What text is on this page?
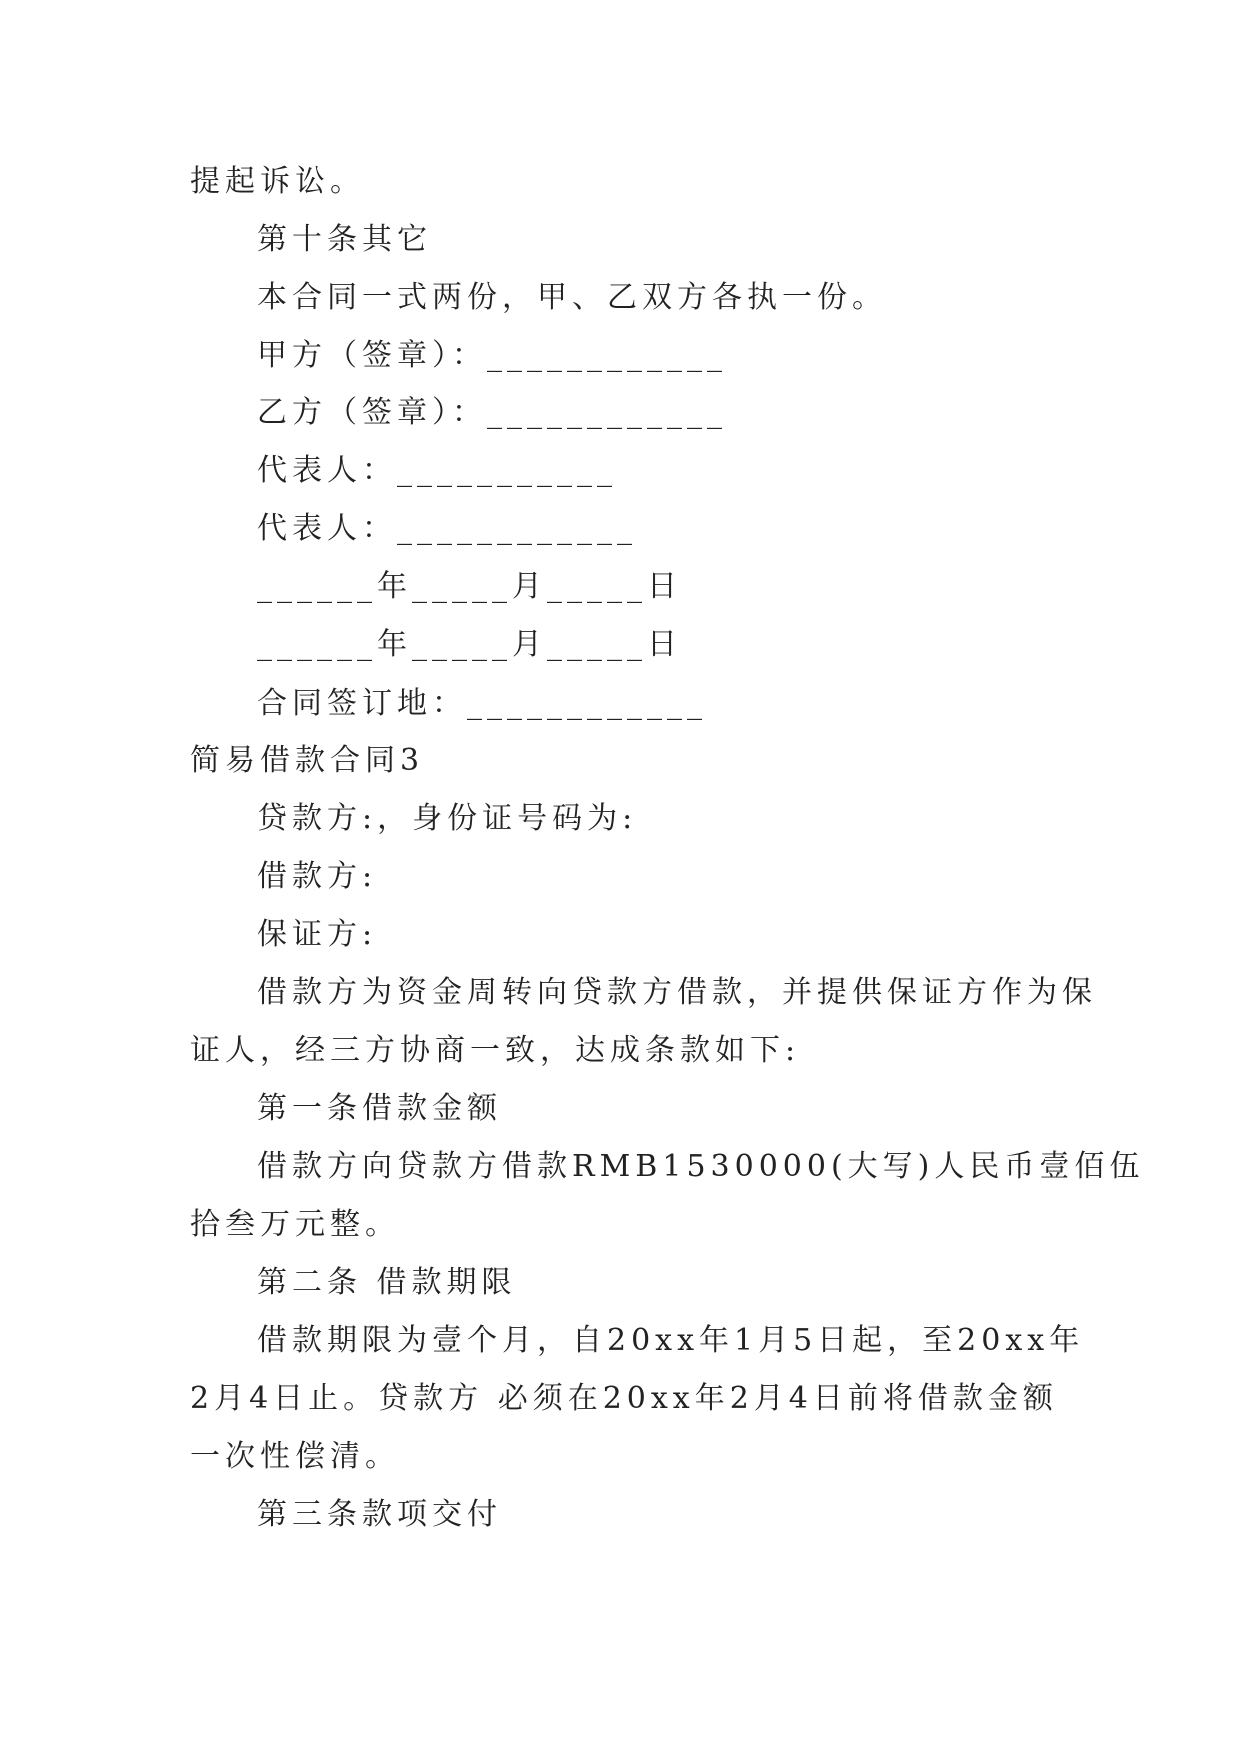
提起诉讼。
第十条其它
本合同一式两份，甲、乙双方各执一份。
甲方（签章）：____________
乙方（签章）：____________
代表人：___________
代表人：____________
______年_____月_____日
______年_____月_____日
合同签订地：____________
简易借款合同3
贷款方:，身份证号码为:
借款方:
保证方:
借款方为资金周转向贷款方借款，并提供保证方作为保
证人，经三方协商一致，达成条款如下:
第一条借款金额
借款方向贷款方借款RMB1530000(大写)人民币壹佰伍
拾叁万元整。
第二条 借款期限
借款期限为壹个月，自20xx年1月5日起，至20xx年
2月4日止。贷款方 必须在20xx年2月4日前将借款金额
一次性偿清。
第三条款项交付
